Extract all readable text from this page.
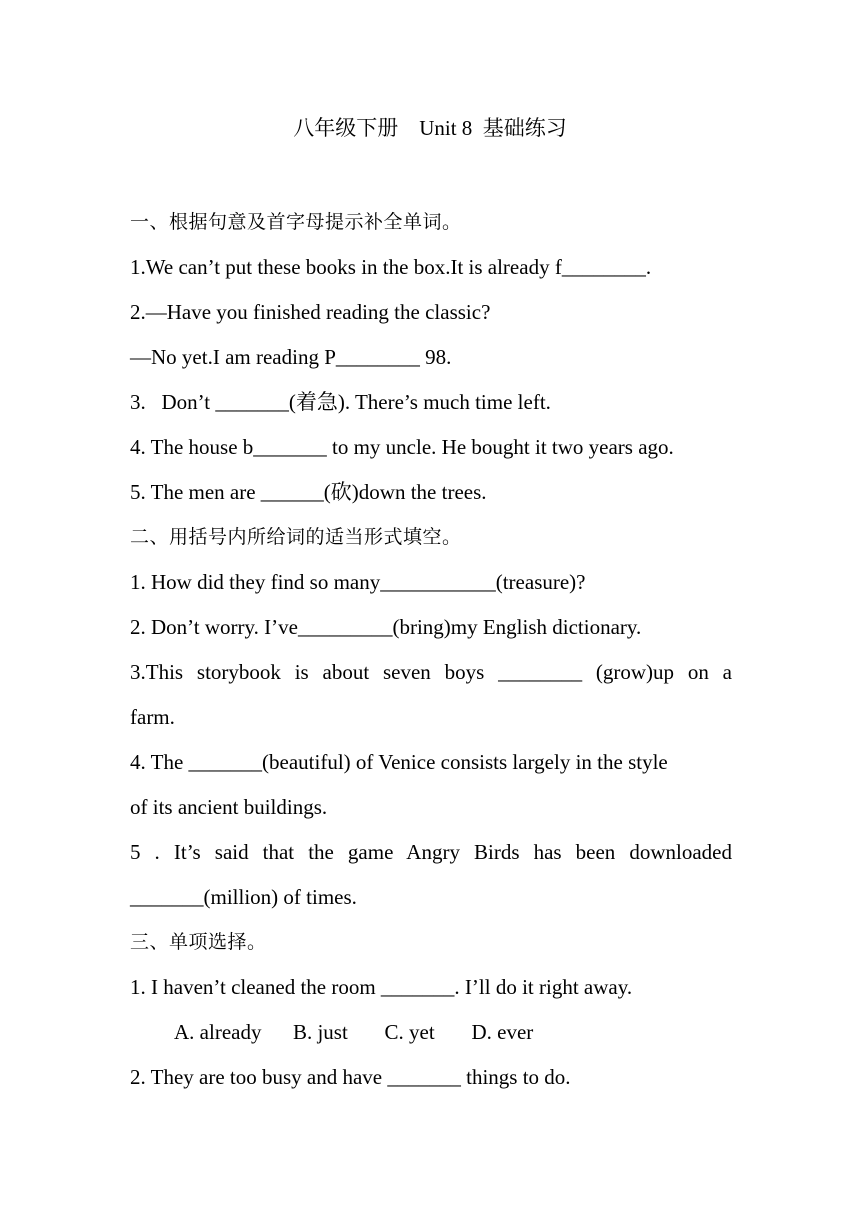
八年级下册    Unit 8  基础练习
一、根据句意及首字母提示补全单词。
1.We can’t put these books in the box.It is already f________.
2.—Have you finished reading the classic?
—No yet.I am reading P________ 98.
3.   Don’t _______(着急). There’s much time left.
4. The house b_______ to my uncle. He bought it two years ago.
5. The men are ______(砍)down the trees.
二、用括号内所给词的适当形式填空。
1. How did they find so many___________(treasure)?
2. Don’t worry. I’ve_________(bring)my English dictionary.
3.This storybook is about seven boys ________ (grow)up on a
farm.
4. The _______(beautiful) of Venice consists largely in the style
of its ancient buildings.
5 . It’s said that the game Angry Birds has been downloaded
_______(million) of times.
三、单项选择。
1. I haven’t cleaned the room _______. I’ll do it right away.
A. already      B. just       C. yet       D. ever
2. They are too busy and have _______ things to do.
